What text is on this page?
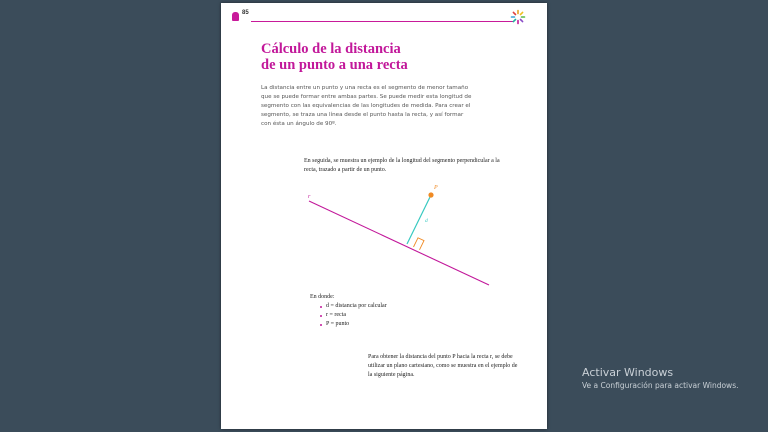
85
Cálculo de la distancia
de un punto a una recta
La distancia entre un punto y una recta es el segmento de menor tamaño que se puede formar entre ambas partes. Se puede medir esta longitud de segmento con las equivalencias de las longitudes de medida. Para crear el segmento, se traza una línea desde el punto hasta la recta, y así formar con ésta un ángulo de 90º.
En seguida, se muestra un ejemplo de la longitud del segmento perpendicular a la recta, trazado a partir de un punto.
r
P
d
En donde:
d = distancia por calcular
r = recta
P = punto
Para obtener la distancia del punto P hacia la recta r, se debe utilizar un plano cartesiano, como se muestra en el ejemplo de la siguiente página.	Activar Windows
Ve a Configuración para activar Windows.
